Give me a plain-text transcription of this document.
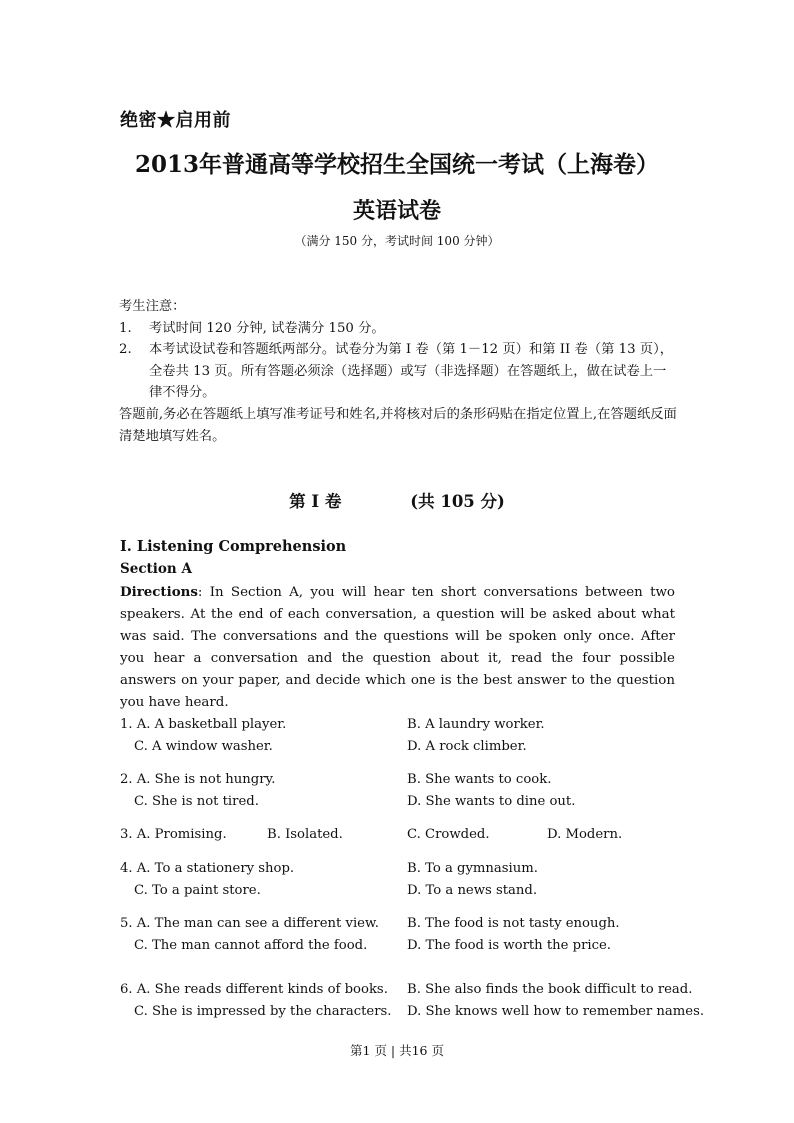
绝密★启用前
2013年普通高等学校招生全国统一考试（上海卷）
英语试卷
（满分 150 分，考试时间 100 分钟）
考生注意：
1. 考试时间 120 分钟, 试卷满分 150 分。
2. 本考试设试卷和答题纸两部分。试卷分为第 I 卷（第 1－12 页）和第 II 卷（第 13 页），全卷共 13 页。所有答题必须涂（选择题）或写（非选择题）在答题纸上，做在试卷上一律不得分。
答题前,务必在答题纸上填写准考证号和姓名,并将核对后的条形码贴在指定位置上,在答题纸反面清楚地填写姓名。
第 I 卷            (共 105 分)
I. Listening Comprehension
Section A
Directions: In Section A, you will hear ten short conversations between two speakers. At the end of each conversation, a question will be asked about what was said. The conversations and the questions will be spoken only once. After you hear a conversation and the question about it, read the four possible answers on your paper, and decide which one is the best answer to the question you have heard.
1. A. A basketball player.	B. A laundry worker.
C. A window washer.	D. A rock climber.
2. A. She is not hungry.	B. She wants to cook.
C. She is not tired.	D. She wants to dine out.
3. A. Promising.	B. Isolated.	C. Crowded.	D. Modern.
4. A. To a stationery shop.	B. To a gymnasium.
C. To a paint store.	D. To a news stand.
5. A. The man can see a different view. B. The food is not tasty enough.
C. The man cannot afford the food.	D. The food is worth the price.
6. A. She reads different kinds of books. B. She also finds the book difficult to read.
C. She is impressed by the characters. D. She knows well how to remember names.
第1 页 | 共16 页
